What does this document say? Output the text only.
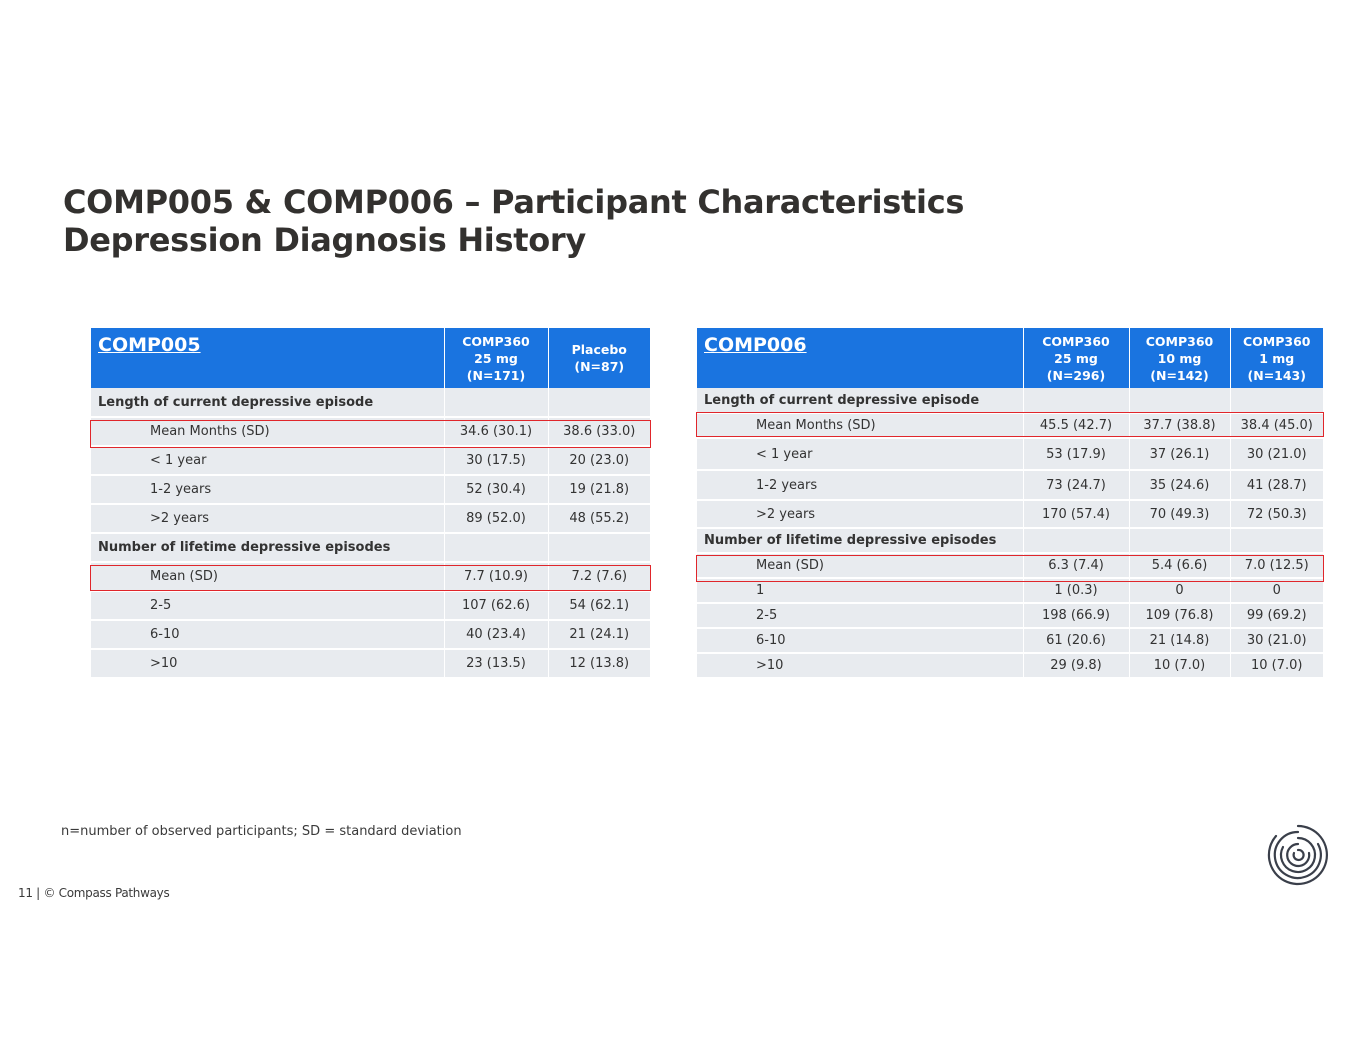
COMP005 & COMP006 – Participant Characteristics
Depression Diagnosis History
COMP005	COMP360
25 mg
(N=171)	Placebo
(N=87)
Length of current depressive episode		
Mean Months (SD)	34.6 (30.1)	38.6 (33.0)
< 1 year	30 (17.5)	20 (23.0)
1-2 years	52 (30.4)	19 (21.8)
>2 years	89 (52.0)	48 (55.2)
Number of lifetime depressive episodes		
Mean (SD)	7.7 (10.9)	7.2 (7.6)
2-5	107 (62.6)	54 (62.1)
6-10	40 (23.4)	21 (24.1)
>10	23 (13.5)	12 (13.8)
COMP006	COMP360
25 mg
(N=296)	COMP360
10 mg
(N=142)	COMP360
1 mg
(N=143)
Length of current depressive episode			
Mean Months (SD)	45.5 (42.7)	37.7 (38.8)	38.4 (45.0)
< 1 year	53 (17.9)	37 (26.1)	30 (21.0)
1-2 years	73 (24.7)	35 (24.6)	41 (28.7)
>2 years	170 (57.4)	70 (49.3)	72 (50.3)
Number of lifetime depressive episodes			
Mean (SD)	6.3 (7.4)	5.4 (6.6)	7.0 (12.5)
1	1 (0.3)	0	0
2-5	198 (66.9)	109 (76.8)	99 (69.2)
6-10	61 (20.6)	21 (14.8)	30 (21.0)
>10	29 (9.8)	10 (7.0)	10 (7.0)
n=number of observed participants; SD = standard deviation
11 | © Compass Pathways
